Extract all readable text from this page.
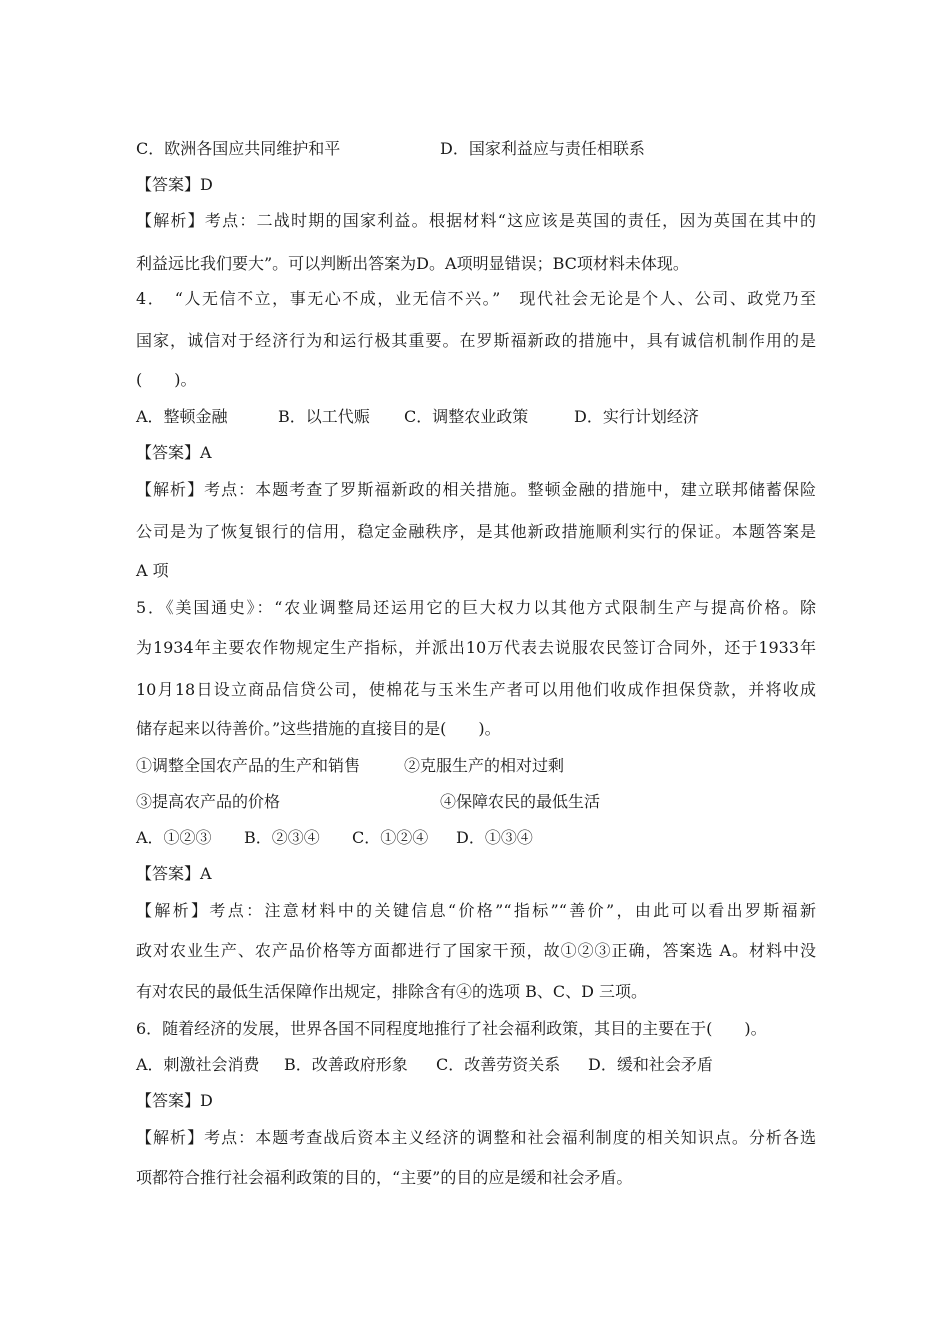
C．欧洲各国应共同维护和平	D．国家利益应与责任相联系
【答案】D
【解析】考点：二战时期的国家利益。根据材料“这应该是英国的责任，因为英国在其中的
利益远比我们要大”。可以判断出答案为D。A项明显错误；BC项材料未体现。
4．　“人无信不立，事无心不成，业无信不兴。”　现代社会无论是个人、公司、政党乃至
国家，诚信对于经济行为和运行极其重要。在罗斯福新政的措施中，具有诚信机制作用的是
(　　)。
A．整顿金融	B．以工代赈 C．调整农业政策	D．实行计划经济
【答案】A
【解析】考点：本题考查了罗斯福新政的相关措施。整顿金融的措施中，建立联邦储蓄保险
公司是为了恢复银行的信用，稳定金融秩序，是其他新政措施顺利实行的保证。本题答案是
A 项
5．《美国通史》：“农业调整局还运用它的巨大权力以其他方式限制生产与提高价格。除
为1934年主要农作物规定生产指标，并派出10万代表去说服农民签订合同外，还于1933年
10月18日设立商品信贷公司，使棉花与玉米生产者可以用他们收成作担保贷款，并将收成
储存起来以待善价。”这些措施的直接目的是(　　)。
①调整全国农产品的生产和销售	②克服生产的相对过剩
③提高农产品的价格	④保障农民的最低生活
A．①②③ B．②③④ C．①②④ D．①③④
【答案】A
【解析】考点：注意材料中的关键信息“价格”“指标”“善价”，由此可以看出罗斯福新
政对农业生产、农产品价格等方面都进行了国家干预，故①②③正确，答案选 A。材料中没
有对农民的最低生活保障作出规定，排除含有④的选项 B、C、D 三项。
6．随着经济的发展，世界各国不同程度地推行了社会福利政策，其目的主要在于(　　)。
A．刺激社会消费 B．改善政府形象 C．改善劳资关系 D．缓和社会矛盾
【答案】D
【解析】考点：本题考查战后资本主义经济的调整和社会福利制度的相关知识点。分析各选
项都符合推行社会福利政策的目的，“主要”的目的应是缓和社会矛盾。
